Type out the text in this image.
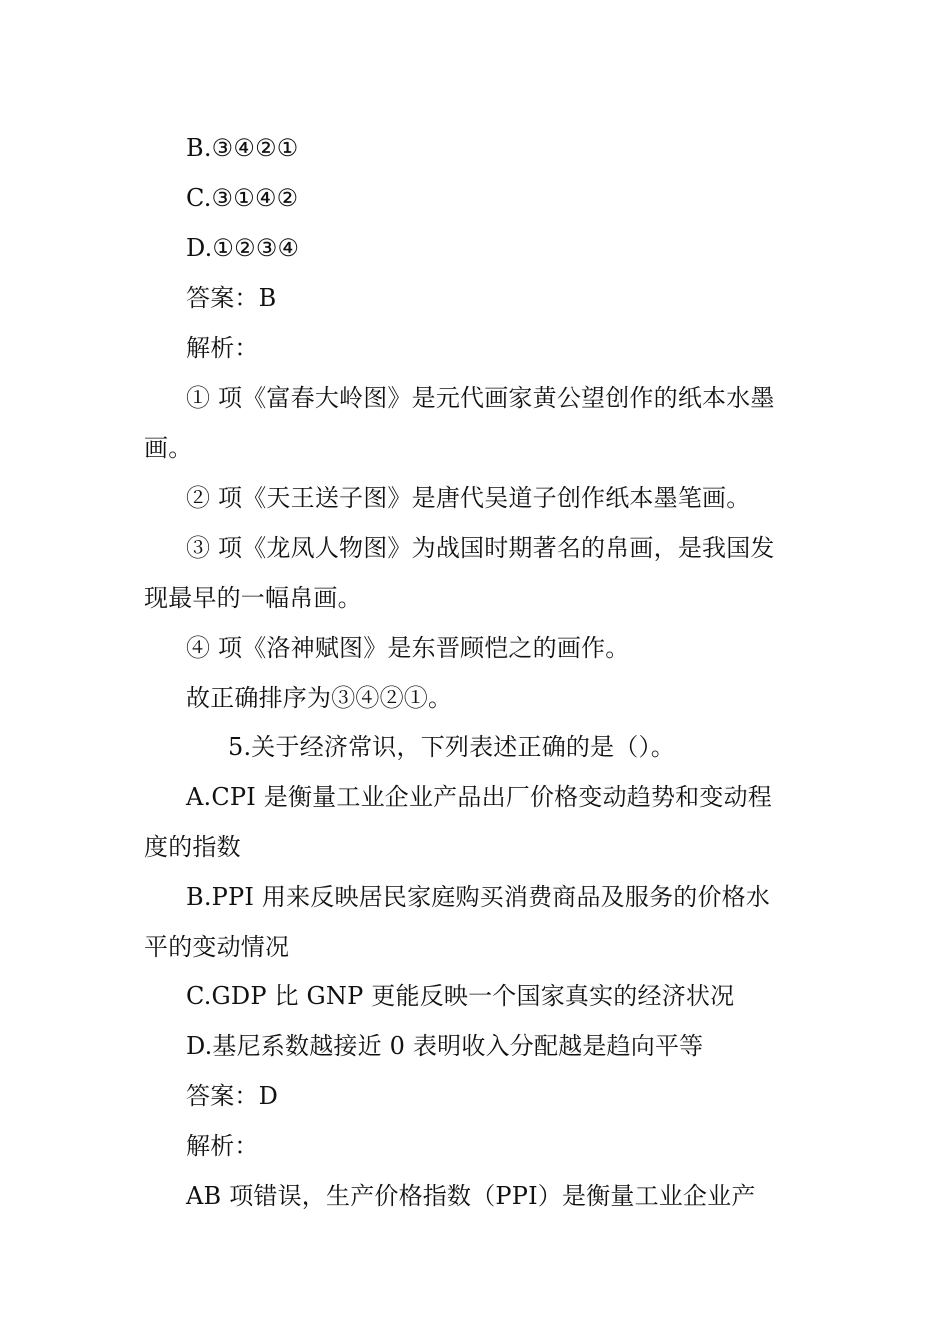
B.③④②①
C.③①④②
D.①②③④
答案：B
解析：
① 项《富春大岭图》是元代画家黄公望创作的纸本水墨
画。
② 项《天王送子图》是唐代吴道子创作纸本墨笔画。
③ 项《龙凤人物图》为战国时期著名的帛画，是我国发
现最早的一幅帛画。
④ 项《洛神赋图》是东晋顾恺之的画作。
故正确排序为③④②①。
5.关于经济常识，下列表述正确的是（）。
A.CPI 是衡量工业企业产品出厂价格变动趋势和变动程
度的指数
B.PPI 用来反映居民家庭购买消费商品及服务的价格水
平的变动情况
C.GDP 比 GNP 更能反映一个国家真实的经济状况
D.基尼系数越接近 0 表明收入分配越是趋向平等
答案：D
解析：
AB 项错误，生产价格指数（PPI）是衡量工业企业产
